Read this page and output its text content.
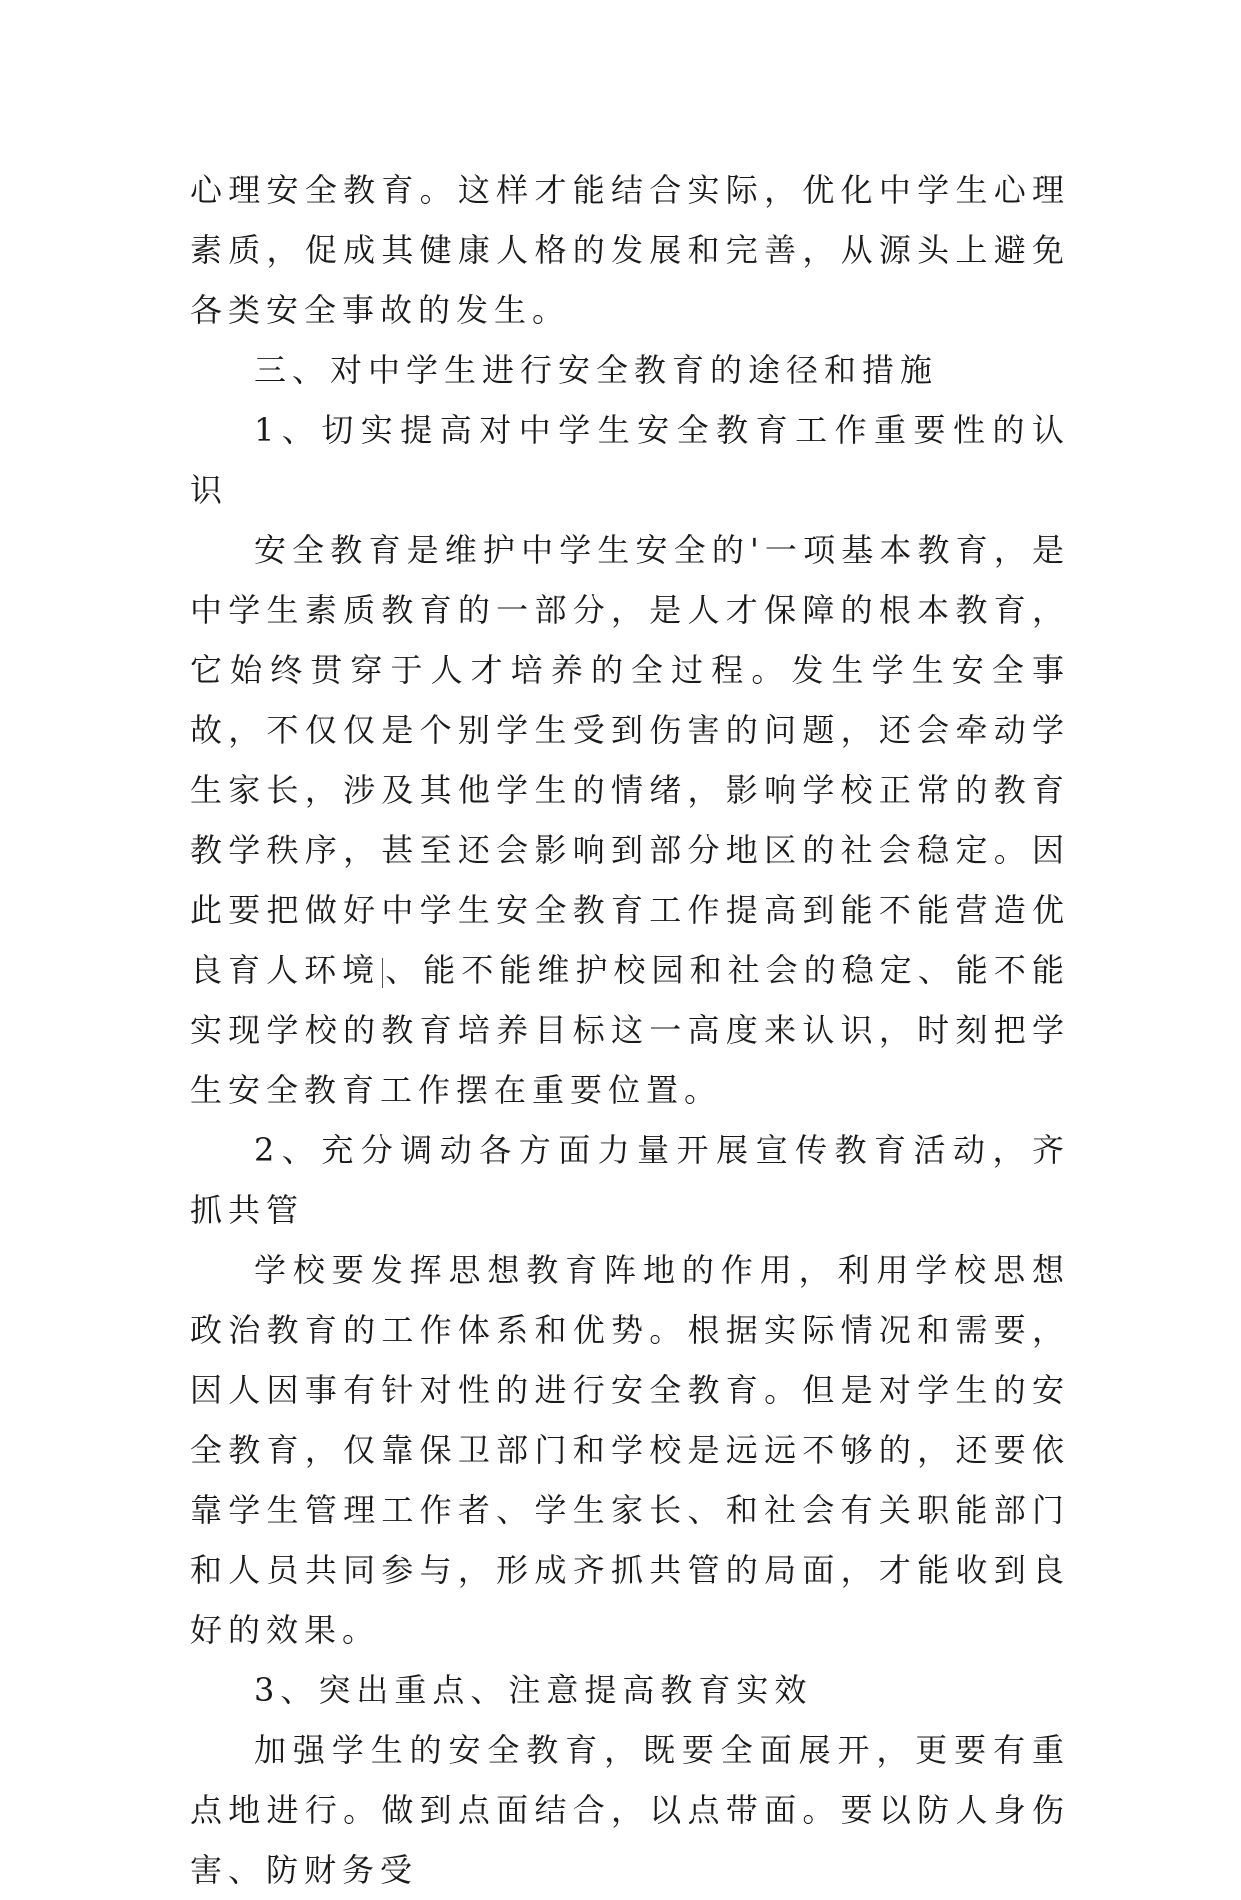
心理安全教育。这样才能结合实际，优化中学生心理素质，促成其健康人格的发展和完善，从源头上避免各类安全事故的发生。

三、对中学生进行安全教育的途径和措施

1、切实提高对中学生安全教育工作重要性的认识

安全教育是维护中学生安全的'一项基本教育，是中学生素质教育的一部分，是人才保障的根本教育，它始终贯穿于人才培养的全过程。发生学生安全事故，不仅仅是个别学生受到伤害的问题，还会牵动学生家长，涉及其他学生的情绪，影响学校正常的教育教学秩序，甚至还会影响到部分地区的社会稳定。因此要把做好中学生安全教育工作提高到能不能营造优良育人环境 、能不能维护校园和社会的稳定、能不能实现学校的教育培养目标这一高度来认识，时刻把学生安全教育工作摆在重要位置。

2、充分调动各方面力量开展宣传教育活动，齐抓共管

学校要发挥思想教育阵地的作用，利用学校思想政治教育的工作体系和优势。根据实际情况和需要，因人因事有针对性的进行安全教育。但是对学生的安全教育，仅靠保卫部门和学校是远远不够的，还要依靠学生管理工作者、学生家长、和社会有关职能部门和人员共同参与，形成齐抓共管的局面，才能收到良好的效果。

3、突出重点、注意提高教育实效

加强学生的安全教育，既要全面展开，更要有重点地进行。做到点面结合，以点带面。要以防人身伤害、防财务受
